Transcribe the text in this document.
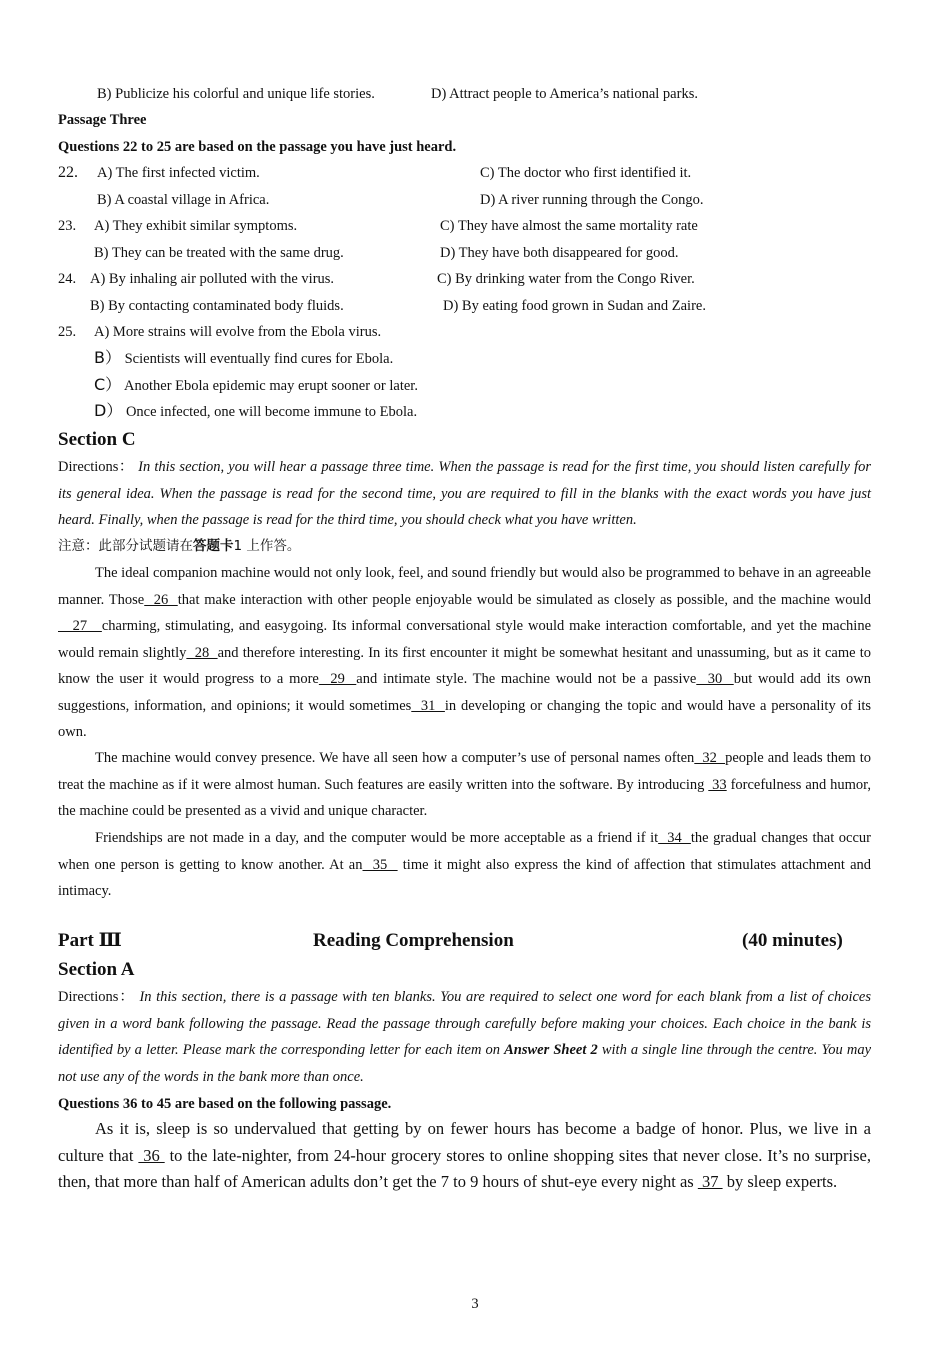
B) Publicize his colorful and unique life stories.	D) Attract people to America’s national parks.
Passage Three
Questions 22 to 25 are based on the passage you have just heard.
22. A) The first infected victim.	C) The doctor who first identified it.
B) A coastal village in Africa.	D) A river running through the Congo.
23. A) They exhibit similar symptoms.	C) They have almost the same mortality rate
B) They can be treated with the same drug.	D) They have both disappeared for good.
24. A) By inhaling air polluted with the virus.	C) By drinking water from the Congo River.
B) By contacting contaminated body fluids.	D) By eating food grown in Sudan and Zaire.
25. A) More strains will evolve from the Ebola virus.
B） Scientists will eventually find cures for Ebola.
C） Another Ebola epidemic may erupt sooner or later.
D） Once infected, one will become immune to Ebola.
Section C
Directions： In this section, you will hear a passage three time. When the passage is read for the first time, you should listen carefully for its general idea. When the passage is read for the second time, you are required to fill in the blanks with the exact words you have just heard. Finally, when the passage is read for the third time, you should check what you have written.
注意：此部分试题请在答题卡1 上作答。
The ideal companion machine would not only look, feel, and sound friendly but would also be programmed to behave in an agreeable manner. Those  26  that make interaction with other people enjoyable would be simulated as closely as possible, and the machine would   27   charming, stimulating, and easygoing. Its informal conversational style would make interaction comfortable, and yet the machine would remain slightly  28  and therefore interesting. In its first encounter it might be somewhat hesitant and unassuming, but as it came to know the user it would progress to a more  29  and intimate style. The machine would not be a passive  30  but would add its own suggestions, information, and opinions; it would sometimes  31  in developing or changing the topic and would have a personality of its own.
The machine would convey presence. We have all seen how a computer’s use of personal names often  32  people and leads them to treat the machine as if it were almost human. Such features are easily written into the software. By introducing  33 forcefulness and humor, the machine could be presented as a vivid and unique character.
Friendships are not made in a day, and the computer would be more acceptable as a friend if it  34  the gradual changes that occur when one person is getting to know another. At an  35   time it might also express the kind of affection that stimulates attachment and intimacy.
Part Ⅲ	Reading Comprehension	(40 minutes)
Section A
Directions： In this section, there is a passage with ten blanks. You are required to select one word for each blank from a list of choices given in a word bank following the passage. Read the passage through carefully before making your choices. Each choice in the bank is identified by a letter. Please mark the corresponding letter for each item on Answer Sheet 2 with a single line through the centre. You may not use any of the words in the bank more than once.
Questions 36 to 45 are based on the following passage.
As it is, sleep is so undervalued that getting by on fewer hours has become a badge of honor. Plus, we live in a culture that  36  to the late-nighter, from 24-hour grocery stores to online shopping sites that never close. It’s no surprise, then, that more than half of American adults don’t get the 7 to 9 hours of shut-eye every night as  37  by sleep experts.
3
